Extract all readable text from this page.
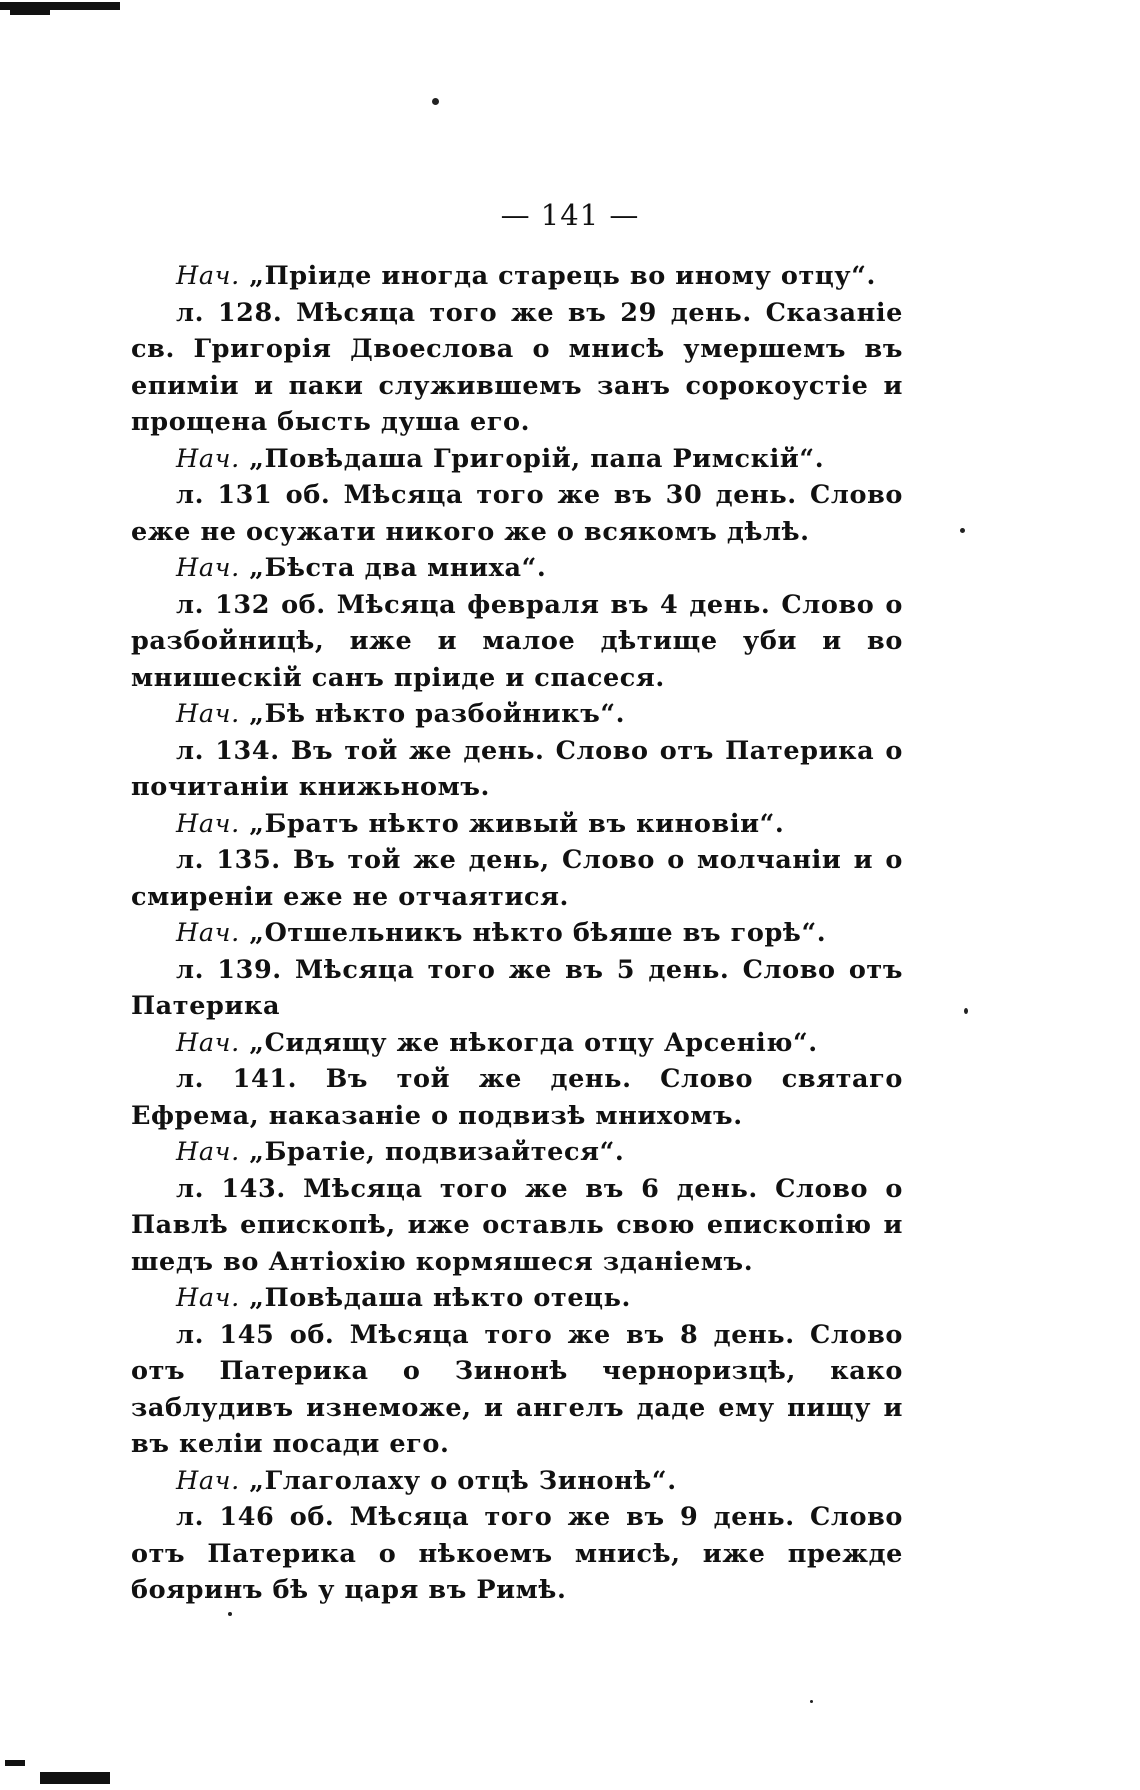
— 141 —

Нач. „Пріиде иногда старець во иному отцу“.

л. 128. Мѣсяца того же въ 29 день. Сказаніе св. Григорія Двоеслова о мнисѣ умершемъ въ епиміи и паки служившемъ занъ сорокоустіе и прощена бысть душа его.

Нач. „Повѣдаша Григорій, папа Римскій“.

л. 131 об. Мѣсяца того же въ 30 день. Слово еже не осужати никого же о всякомъ дѣлѣ.

Нач. „Бѣста два мниха“.

л. 132 об. Мѣсяца февраля въ 4 день. Слово о разбойницѣ, иже и малое дѣтище уби и во мнишескій санъ пріиде и спасеся.

Нач. „Бѣ нѣкто разбойникъ“.

л. 134. Въ той же день. Слово отъ Патерика о почитаніи книжьномъ.

Нач. „Братъ нѣкто живый въ киновіи“.

л. 135. Въ той же день, Слово о молчаніи и о смиреніи еже не отчаятися.

Нач. „Отшельникъ нѣкто бѣяше въ горѣ“.

л. 139. Мѣсяца того же въ 5 день. Слово отъ Патерика

Нач. „Сидящу же нѣкогда отцу Арсенію“.

л. 141. Въ той же день. Слово святаго Ефрема, наказаніе о подвизѣ мнихомъ.

Нач. „Братіе, подвизайтеся“.

л. 143. Мѣсяца того же въ 6 день. Слово о Павлѣ епископѣ, иже оставль свою епископію и шедъ во Антіохію кормяшеся зданіемъ.

Нач. „Повѣдаша нѣкто отець.

л. 145 об. Мѣсяца того же въ 8 день. Слово отъ Патерика о Зинонѣ черноризцѣ, како заблудивъ изнеможе, и ангелъ даде ему пищу и въ келіи посади его.

Нач. „Глаголаху о отцѣ Зинонѣ“.

л. 146 об. Мѣсяца того же въ 9 день. Слово отъ Патерика о нѣкоемъ мнисѣ, иже прежде бояринъ бѣ у царя въ Римѣ.
